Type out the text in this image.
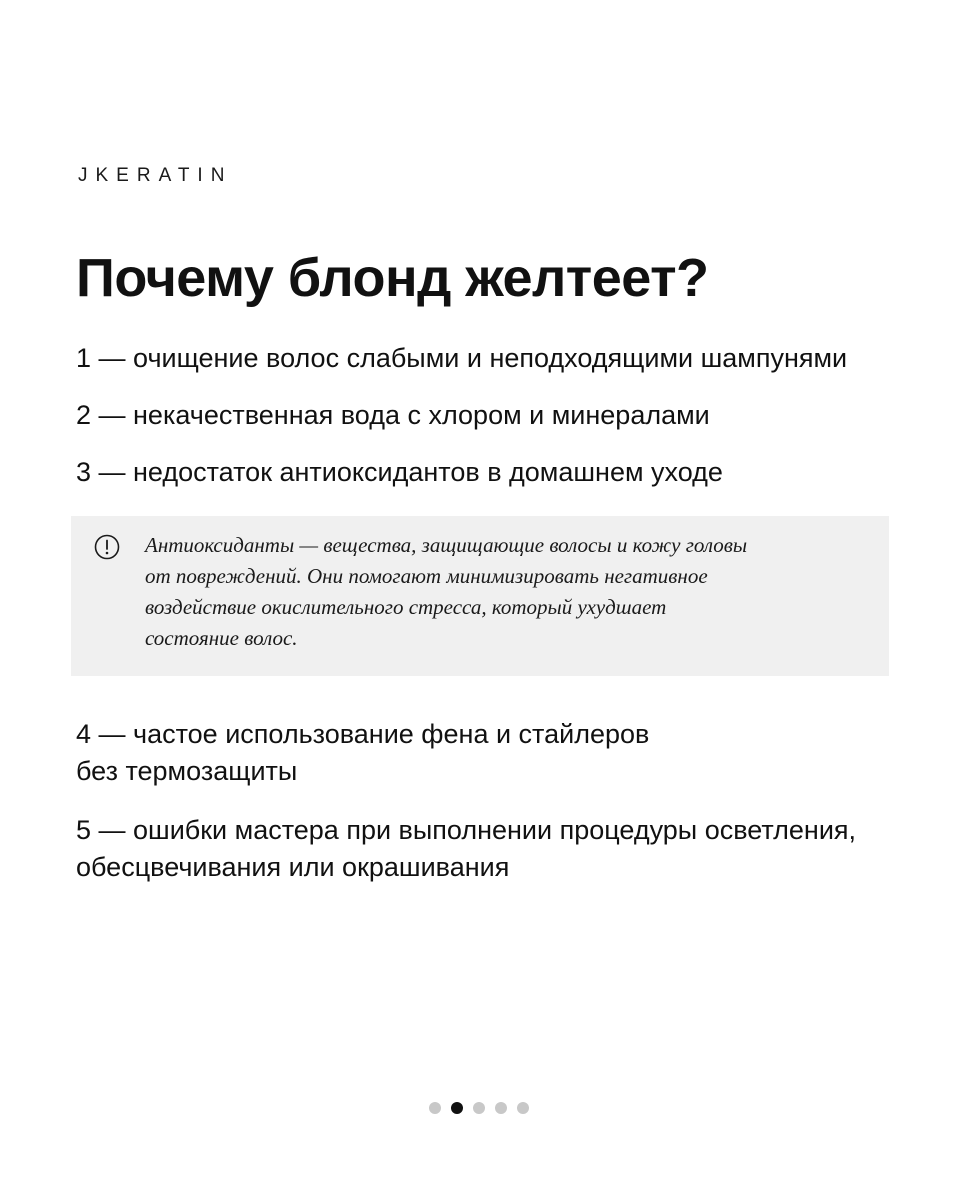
JKERATIN
Почему блонд желтеет?
1 — очищение волос слабыми и неподходящими шампунями
2 — некачественная вода с хлором и минералами
3 — недостаток антиоксидантов в домашнем уходе
Антиоксиданты — вещества, защищающие волосы и кожу головы
от повреждений. Они помогают минимизировать негативное
воздействие окислительного стресса, который ухудшает
состояние волос.
4 — частое использование фена и стайлеров
без термозащиты
5 — ошибки мастера при выполнении процедуры осветления,
обесцвечивания или окрашивания
